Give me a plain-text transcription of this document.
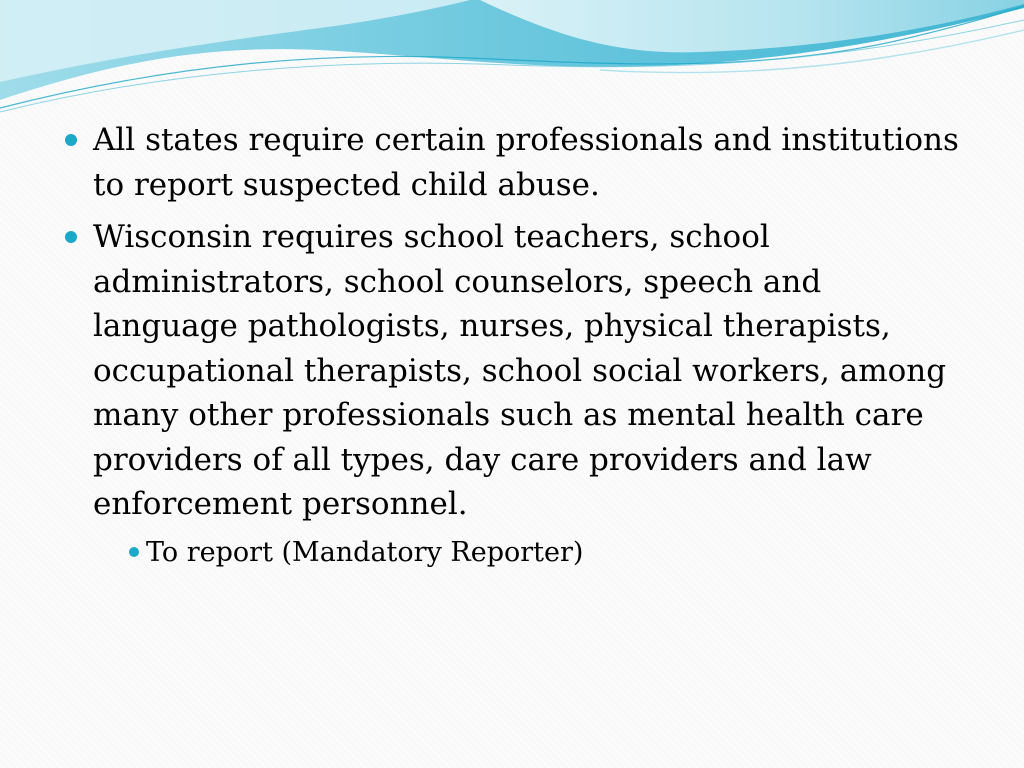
All states require certain professionals and institutions to report suspected child abuse.
Wisconsin requires school teachers, school administrators, school counselors, speech and language pathologists, nurses, physical therapists, occupational therapists, school social workers, among many other professionals such as mental health care providers of all types, day care providers and law enforcement personnel.
To report (Mandatory Reporter)
